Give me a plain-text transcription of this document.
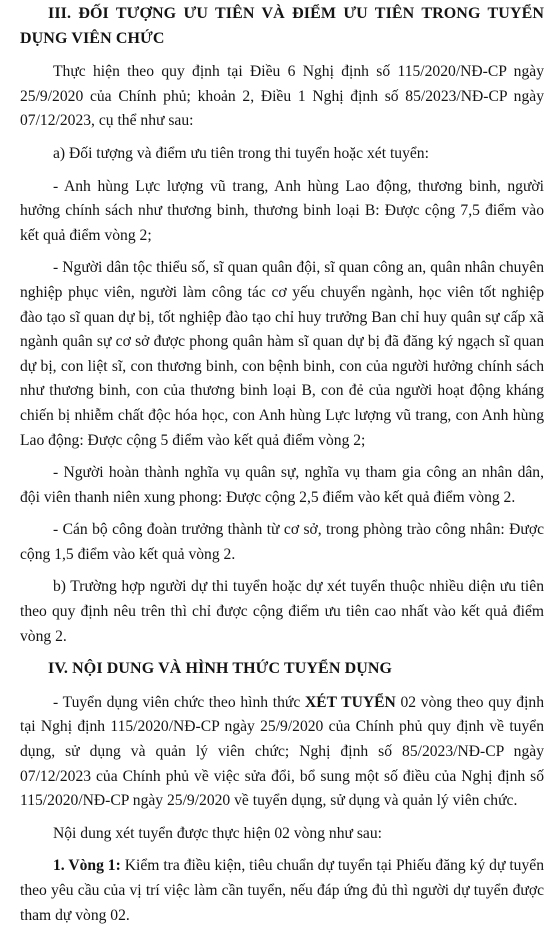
III. ĐỐI TƯỢNG ƯU TIÊN VÀ ĐIỂM ƯU TIÊN TRONG TUYỂN DỤNG VIÊN CHỨC

Thực hiện theo quy định tại Điều 6 Nghị định số 115/2020/NĐ-CP ngày 25/9/2020 của Chính phủ; khoản 2, Điều 1 Nghị định số 85/2023/NĐ-CP ngày 07/12/2023, cụ thể như sau:

a) Đối tượng và điểm ưu tiên trong thi tuyển hoặc xét tuyển:

- Anh hùng Lực lượng vũ trang, Anh hùng Lao động, thương binh, người hưởng chính sách như thương binh, thương binh loại B: Được cộng 7,5 điểm vào kết quả điểm vòng 2;

- Người dân tộc thiểu số, sĩ quan quân đội, sĩ quan công an, quân nhân chuyên nghiệp phục viên, người làm công tác cơ yếu chuyển ngành, học viên tốt nghiệp đào tạo sĩ quan dự bị, tốt nghiệp đào tạo chỉ huy trưởng Ban chỉ huy quân sự cấp xã ngành quân sự cơ sở được phong quân hàm sĩ quan dự bị đã đăng ký ngạch sĩ quan dự bị, con liệt sĩ, con thương binh, con bệnh binh, con của người hưởng chính sách như thương binh, con của thương binh loại B, con đẻ của người hoạt động kháng chiến bị nhiễm chất độc hóa học, con Anh hùng Lực lượng vũ trang, con Anh hùng Lao động: Được cộng 5 điểm vào kết quả điểm vòng 2;

- Người hoàn thành nghĩa vụ quân sự, nghĩa vụ tham gia công an nhân dân, đội viên thanh niên xung phong: Được cộng 2,5 điểm vào kết quả điểm vòng 2.

- Cán bộ công đoàn trưởng thành từ cơ sở, trong phòng trào công nhân: Được cộng 1,5 điểm vào kết quả vòng 2.

b) Trường hợp người dự thi tuyển hoặc dự xét tuyển thuộc nhiều diện ưu tiên theo quy định nêu trên thì chỉ được cộng điểm ưu tiên cao nhất vào kết quả điểm vòng 2.

IV. NỘI DUNG VÀ HÌNH THỨC TUYỂN DỤNG

- Tuyển dụng viên chức theo hình thức XÉT TUYỂN 02 vòng theo quy định tại Nghị định 115/2020/NĐ-CP ngày 25/9/2020 của Chính phủ quy định về tuyển dụng, sử dụng và quản lý viên chức; Nghị định số 85/2023/NĐ-CP ngày 07/12/2023 của Chính phủ về việc sửa đổi, bổ sung một số điều của Nghị định số 115/2020/NĐ-CP ngày 25/9/2020 về tuyển dụng, sử dụng và quản lý viên chức.

Nội dung xét tuyển được thực hiện 02 vòng như sau:

1. Vòng 1: Kiểm tra điều kiện, tiêu chuẩn dự tuyển tại Phiếu đăng ký dự tuyển theo yêu cầu của vị trí việc làm cần tuyển, nếu đáp ứng đủ thì người dự tuyển được tham dự vòng 02.
